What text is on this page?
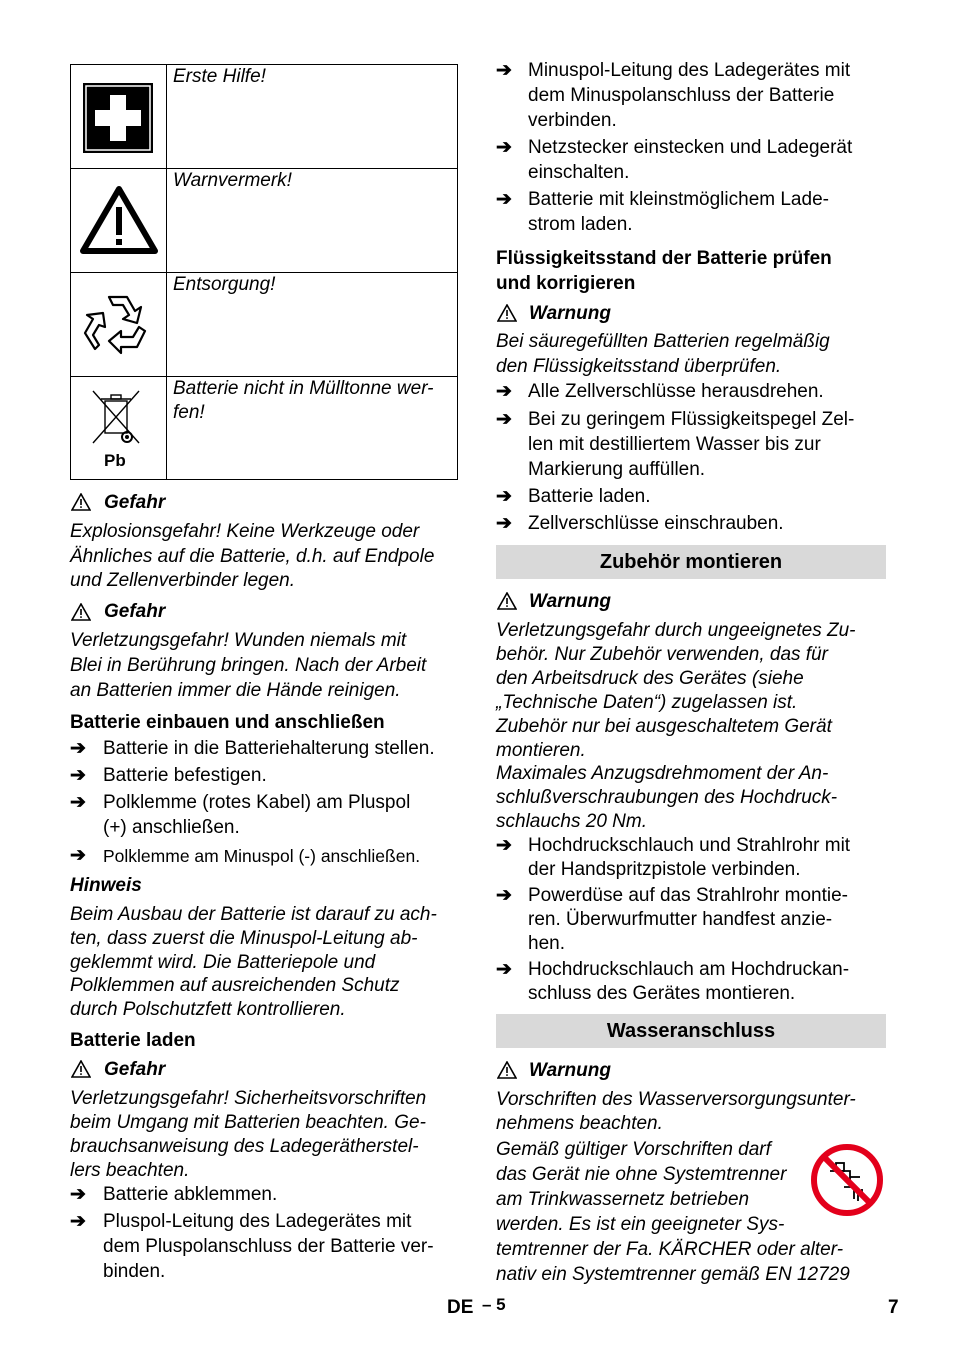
Erste Hilfe!
Warnvermerk!
Entsorgung!
Pb
Batterie nicht in Mülltonne wer-
fen!
Gefahr
Explosionsgefahr! Keine Werkzeuge oder
Ähnliches auf die Batterie, d.h. auf Endpole
und Zellenverbinder legen.
Gefahr
Verletzungsgefahr! Wunden niemals mit
Blei in Berührung bringen. Nach der Arbeit
an Batterien immer die Hände reinigen.
Batterie einbauen und anschließen
➔ Batterie in die Batteriehalterung stellen.
➔ Batterie befestigen.
➔ Polklemme (rotes Kabel) am Pluspol
(+) anschließen.
➔ Polklemme am Minuspol (-) anschließen.
Hinweis
Beim Ausbau der Batterie ist darauf zu ach-
ten, dass zuerst die Minuspol-Leitung ab-
geklemmt wird. Die Batteriepole und
Polklemmen auf ausreichenden Schutz
durch Polschutzfett kontrollieren.
Batterie laden
Gefahr
Verletzungsgefahr! Sicherheitsvorschriften
beim Umgang mit Batterien beachten. Ge-
brauchsanweisung des Ladegerätherstel-
lers beachten.
➔ Batterie abklemmen.
➔ Pluspol-Leitung des Ladegerätes mit
dem Pluspolanschluss der Batterie ver-
binden.
➔ Minuspol-Leitung des Ladegerätes mit
dem Minuspolanschluss der Batterie
verbinden.
➔ Netzstecker einstecken und Ladegerät
einschalten.
➔ Batterie mit kleinstmöglichem Lade-
strom laden.
Flüssigkeitsstand der Batterie prüfen
und korrigieren
Warnung
Bei säuregefüllten Batterien regelmäßig
den Flüssigkeitsstand überprüfen.
➔ Alle Zellverschlüsse herausdrehen.
➔ Bei zu geringem Flüssigkeitspegel Zel-
len mit destilliertem Wasser bis zur
Markierung auffüllen.
➔ Batterie laden.
➔ Zellverschlüsse einschrauben.
Zubehör montieren
Warnung
Verletzungsgefahr durch ungeeignetes Zu-
behör. Nur Zubehör verwenden, das für
den Arbeitsdruck des Gerätes (siehe
„Technische Daten“) zugelassen ist.
Zubehör nur bei ausgeschaltetem Gerät
montieren.
Maximales Anzugsdrehmoment der An-
schlußverschraubungen des Hochdruck-
schlauchs 20 Nm.
➔ Hochdruckschlauch und Strahlrohr mit
der Handspritzpistole verbinden.
➔ Powerdüse auf das Strahlrohr montie-
ren. Überwurfmutter handfest anzie-
hen.
➔ Hochdruckschlauch am Hochdruckan-
schluss des Gerätes montieren.
Wasseranschluss
Warnung
Vorschriften des Wasserversorgungsunter-
nehmens beachten.
Gemäß gültiger Vorschriften darf
das Gerät nie ohne Systemtrenner
am Trinkwassernetz betrieben
werden. Es ist ein geeigneter Sys-
temtrenner der Fa. KÄRCHER oder alter-
nativ ein Systemtrenner gemäß EN 12729
DE – 5	7
